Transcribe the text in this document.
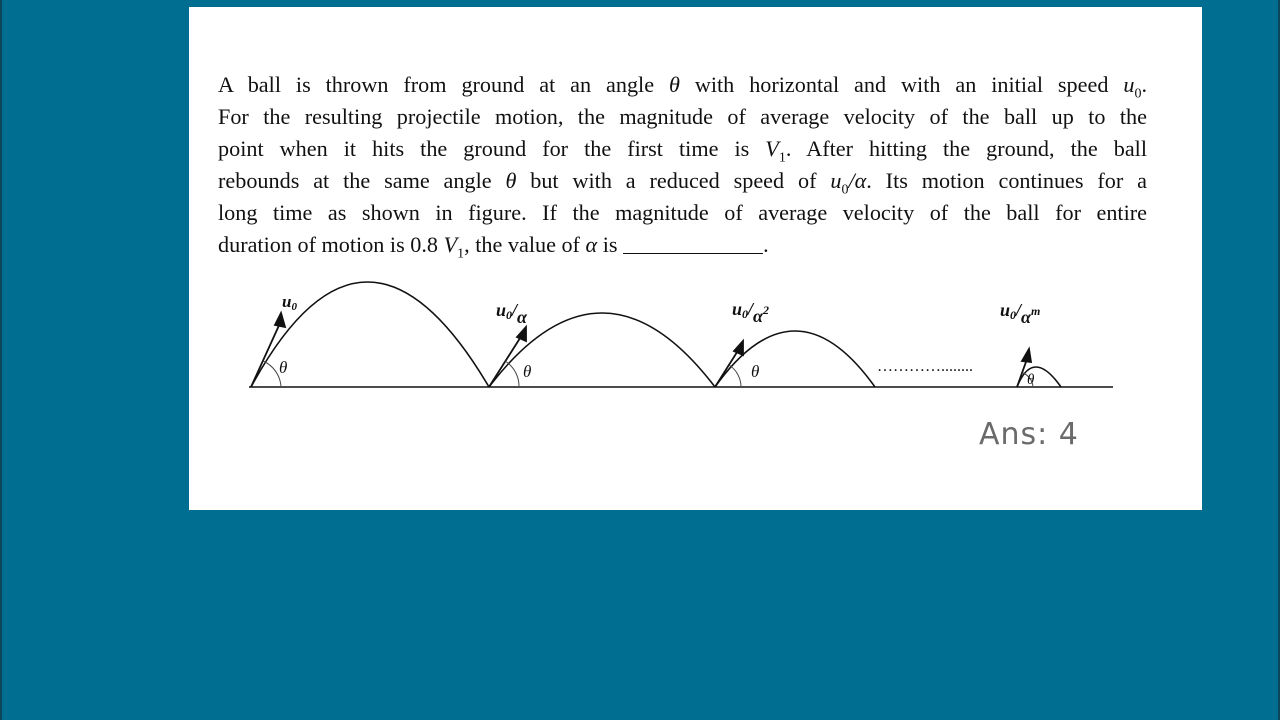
A ball is thrown from ground at an angle θ with horizontal and with an initial speed $u_0$.
For the resulting projectile motion, the magnitude of average velocity of the ball up to the
point when it hits the ground for the first time is $V_1$. After hitting the ground, the ball
rebounds at the same angle θ but with a reduced speed of $u_0/\alpha$. Its motion continues for a
long time as shown in figure. If the magnitude of average velocity of the ball for entire
duration of motion is 0.8 $V_1$, the value of α is	.
θ	θ	θ	θ
u0	u0/α	$u0/\alpha^2$	$u0/\alpha^m$
…………........
Ans: 4
